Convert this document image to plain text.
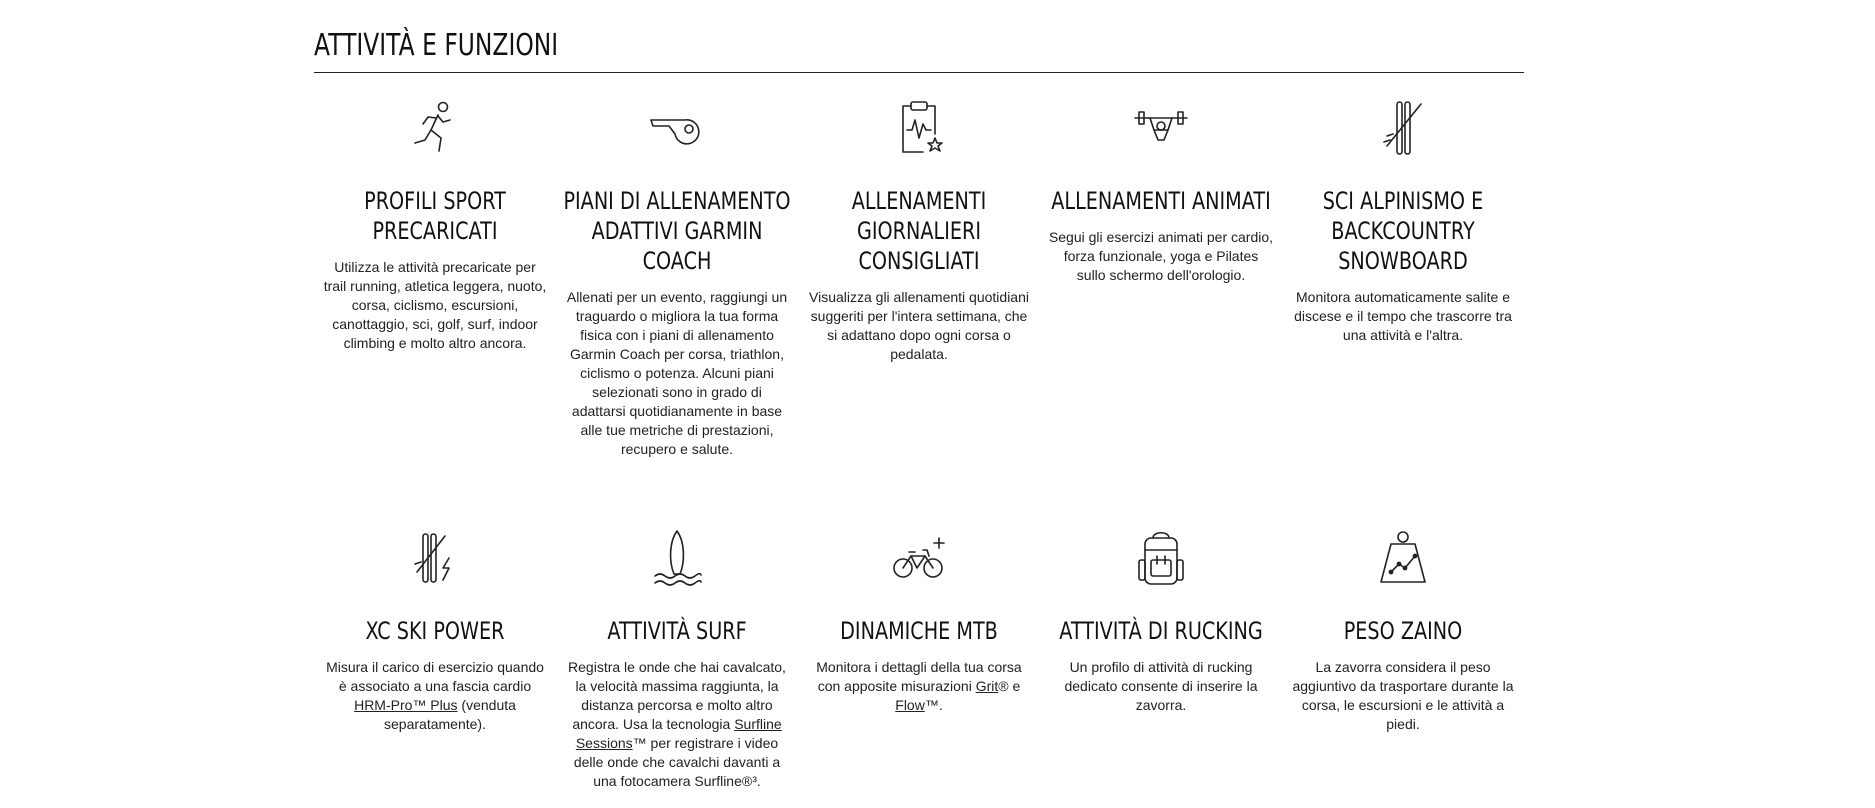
ATTIVITÀ E FUNZIONI
PROFILI SPORT PRECARICATI
Utilizza le attività precaricate per trail running, atletica leggera, nuoto, corsa, ciclismo, escursioni, canottaggio, sci, golf, surf, indoor climbing e molto altro ancora.
PIANI DI ALLENAMENTO ADATTIVI GARMIN COACH
Allenati per un evento, raggiungi un traguardo o migliora la tua forma fisica con i piani di allenamento Garmin Coach per corsa, triathlon, ciclismo o potenza. Alcuni piani selezionati sono in grado di adattarsi quotidianamente in base alle tue metriche di prestazioni, recupero e salute.
ALLENAMENTI GIORNALIERI CONSIGLIATI
Visualizza gli allenamenti quotidiani suggeriti per l'intera settimana, che si adattano dopo ogni corsa o pedalata.
ALLENAMENTI ANIMATI
Segui gli esercizi animati per cardio, forza funzionale, yoga e Pilates sullo schermo dell'orologio.
SCI ALPINISMO E BACKCOUNTRY SNOWBOARD
Monitora automaticamente salite e discese e il tempo che trascorre tra una attività e l'altra.
XC SKI POWER
Misura il carico di esercizio quando è associato a una fascia cardio HRM-Pro™ Plus (venduta separatamente).
ATTIVITÀ SURF
Registra le onde che hai cavalcato, la velocità massima raggiunta, la distanza percorsa e molto altro ancora. Usa la tecnologia Surfline Sessions™ per registrare i video delle onde che cavalchi davanti a una fotocamera Surfline®³.
DINAMICHE MTB
Monitora i dettagli della tua corsa con apposite misurazioni Grit® e Flow™.
ATTIVITÀ DI RUCKING
Un profilo di attività di rucking dedicato consente di inserire la zavorra.
PESO ZAINO
La zavorra considera il peso aggiuntivo da trasportare durante la corsa, le escursioni e le attività a piedi.
